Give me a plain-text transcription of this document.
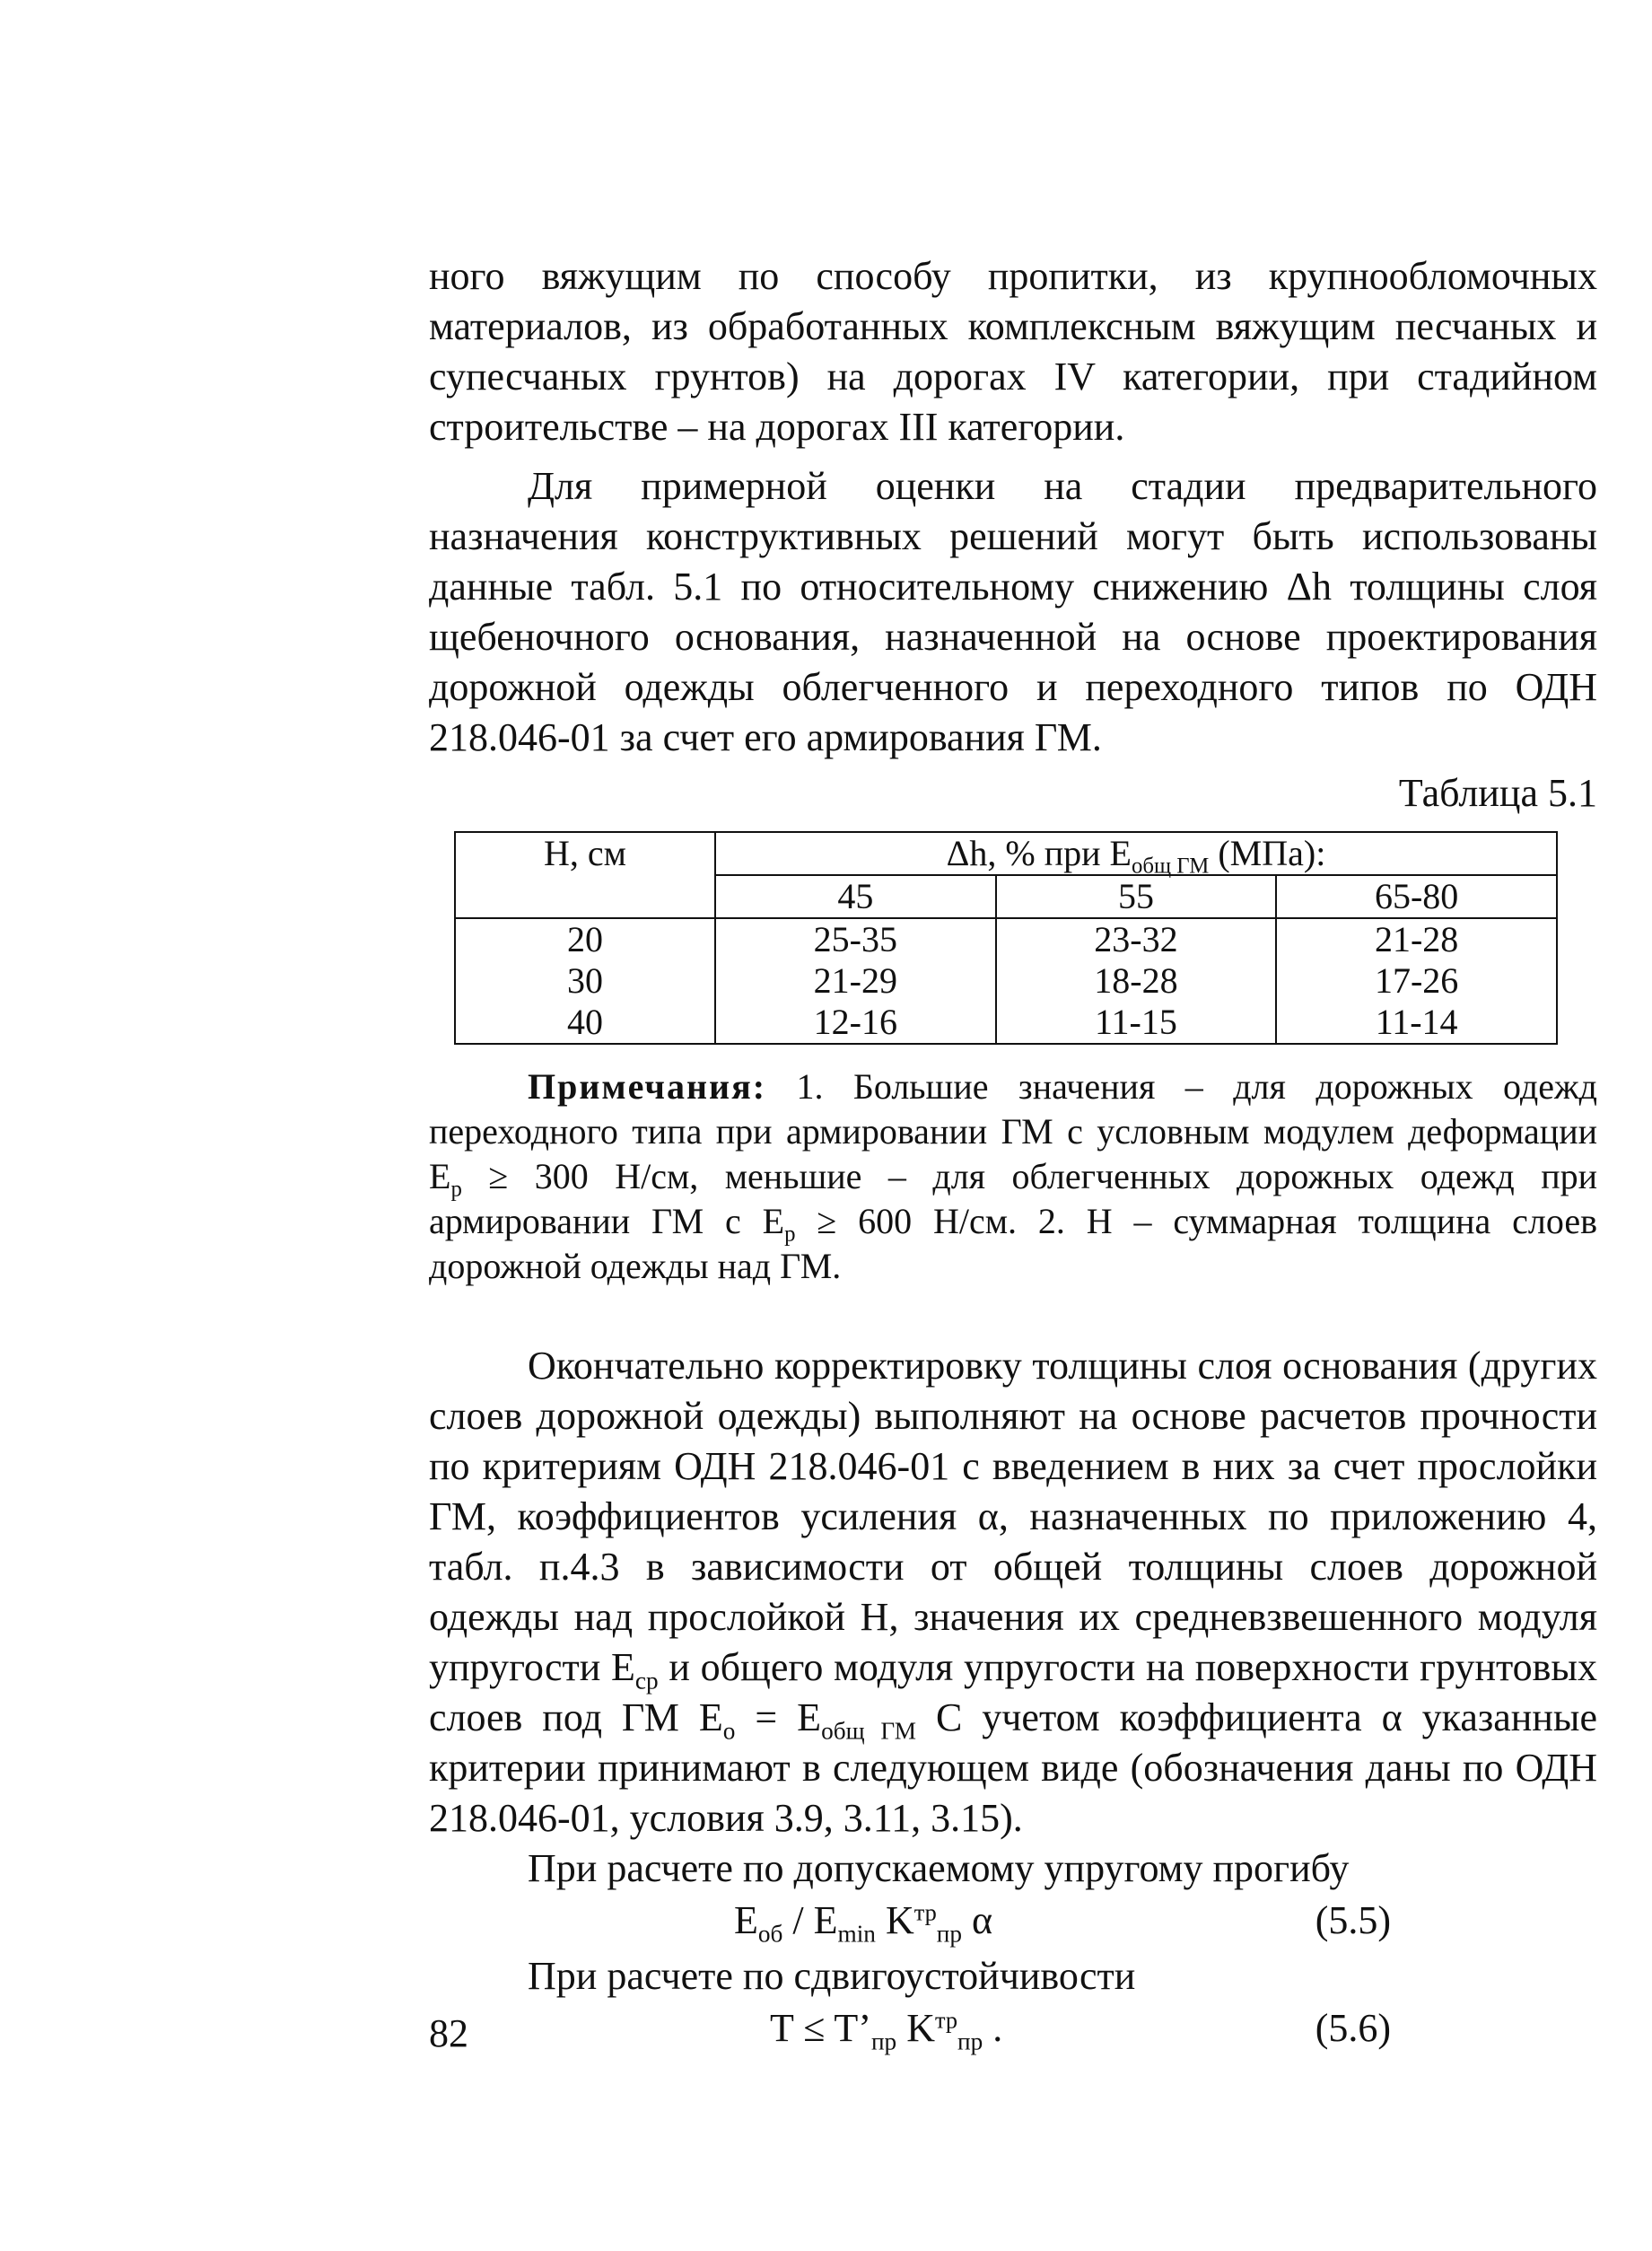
ного вяжущим по способу пропитки, из крупнообломочных материалов, из обработанных комплексным вяжущим песчаных и супесчаных грунтов) на дорогах IV категории, при стадийном строительстве – на дорогах III категории.

Для примерной оценки на стадии предварительного назначения конструктивных решений могут быть использованы данные табл. 5.1 по относительному снижению Δh толщины слоя щебеночного основания, назначенной на основе проектирования дорожной одежды облегченного и переходного типов по ОДН 218.046-01 за счет его армирования ГМ.

Таблица 5.1
Н, см	Δh, % при $E_{общ ГМ}$ (МПа):		
	45	55	65-80
20	25-35	23-32	21-28
30	21-29	18-28	17-26
40	12-16	11-15	11-14

Примечания: 1. Большие значения – для дорожных одежд переходного типа при армировании ГМ с условным модулем деформации $E_p \ge 300$ Н/см, меньшие – для облегченных дорожных одежд при армировании ГМ с $E_p \ge 600$ Н/см. 2. Н – суммарная толщина слоев дорожной одежды над ГМ.

Окончательно корректировку толщины слоя основания (других слоев дорожной одежды) выполняют на основе расчетов прочности по критериям ОДН 218.046-01 с введением в них за счет прослойки ГМ, коэффициентов усиления α, назначенных по приложению 4, табл. п.4.3 в зависимости от общей толщины слоев дорожной одежды над прослойкой Н, значения их средневзвешенного модуля упругости $E_{ср}$ и общего модуля упругости на поверхности грунтовых слоев под ГМ $E_о = E_{общ ГМ}$ С учетом коэффициента α указанные критерии принимают в следующем виде (обозначения даны по ОДН 218.046-01, условия 3.9, 3.11, 3.15).

При расчете по допускаемому упругому прогибу

$E_{об} / E_{min}$ $K^{тр}_{пр}$ α	(5.5)

При расчете по сдвигоустойчивости

$T \le T’_{пр}$ $K^{тр}_{пр}$ .	(5.6)
82
